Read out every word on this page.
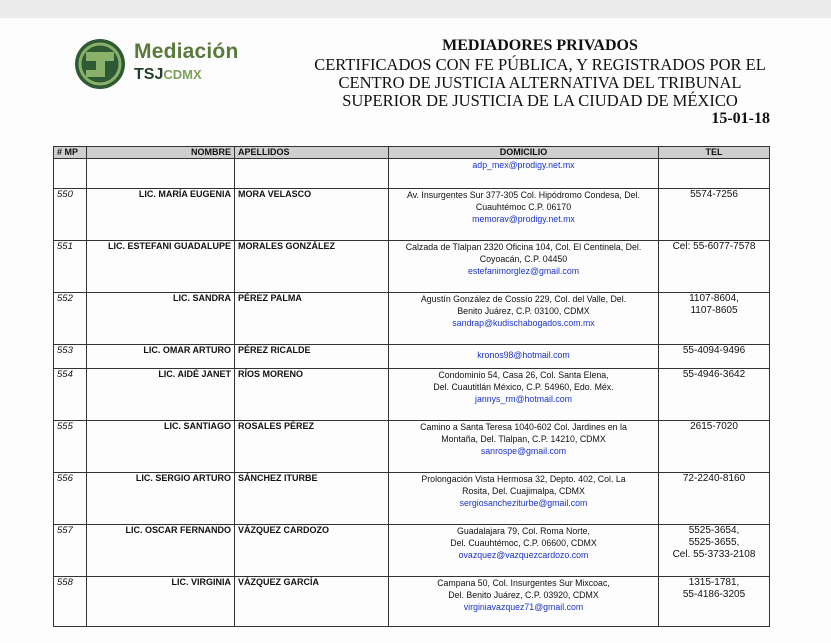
Mediación
TSJCDMX
MEDIADORES PRIVADOS
CERTIFICADOS CON FE PÚBLICA, Y REGISTRADOS POR EL
CENTRO DE JUSTICIA ALTERNATIVA DEL TRIBUNAL
SUPERIOR DE JUSTICIA DE LA CIUDAD DE MÉXICO
15-01-18
# MP	NOMBRE	APELLIDOS	DOMICILIO	TEL

			adp_mex@prodigy.net.mx	

550	LIC. MARÍA EUGENIA	MORA VELASCO	Av. Insurgentes Sur 377-305 Col. Hipódromo Condesa, Del.
Cuauhtémoc C.P. 06170
memorav@prodigy.net.mx	5574-7256

551	LIC. ESTEFANI GUADALUPE	MORALES GONZÁLEZ	Calzada de Tlalpan 2320 Oficina 104, Col. El Centinela, Del.
Coyoacán, C.P. 04450
estefanimorglez@gmail.com	Cel: 55-6077-7578

552	LIC. SANDRA	PÉREZ PALMA	Agustín González de Cossío 229, Col. del Valle, Del.
Benito Juárez, C.P. 03100, CDMX
sandrap@kudischabogados.com.mx	1107-8604,
1107-8605

553	LIC. OMAR ARTURO	PÉREZ RICALDE	kronos98@hotmail.com	55-4094-9496

554	LIC. AIDÉ JANET	RÍOS MORENO	Condominio 54, Casa 26, Col. Santa Elena,
Del. Cuautitlán México, C.P. 54960, Edo. Méx.
jannys_rm@hotmail.com	55-4946-3642

555	LIC. SANTIAGO	ROSALES PÉREZ	Camino a Santa Teresa 1040-602 Col. Jardines en la
Montaña, Del. Tlalpan, C.P. 14210, CDMX
sanrospe@gmail.com	2615-7020

556	LIC. SERGIO ARTURO	SÁNCHEZ ITURBE	Prolongación Vista Hermosa 32, Depto. 402, Col. La
Rosita, Del. Cuajimalpa, CDMX
sergiosancheziturbe@gmail.com	72-2240-8160

557	LIC. OSCAR FERNANDO	VÁZQUEZ CARDOZO	Guadalajara 79, Col. Roma Norte,
Del. Cuauhtémoc, C.P. 06600, CDMX
ovazquez@vazquezcardozo.com	5525-3654,
5525-3655,
Cel. 55-3733-2108

558	LIC. VIRGINIA	VÁZQUEZ GARCÍA	Campana 50, Col. Insurgentes Sur Mixcoac,
Del. Benito Juárez, C.P. 03920, CDMX
virginiavazquez71@gmail.com	1315-1781,
55-4186-3205
